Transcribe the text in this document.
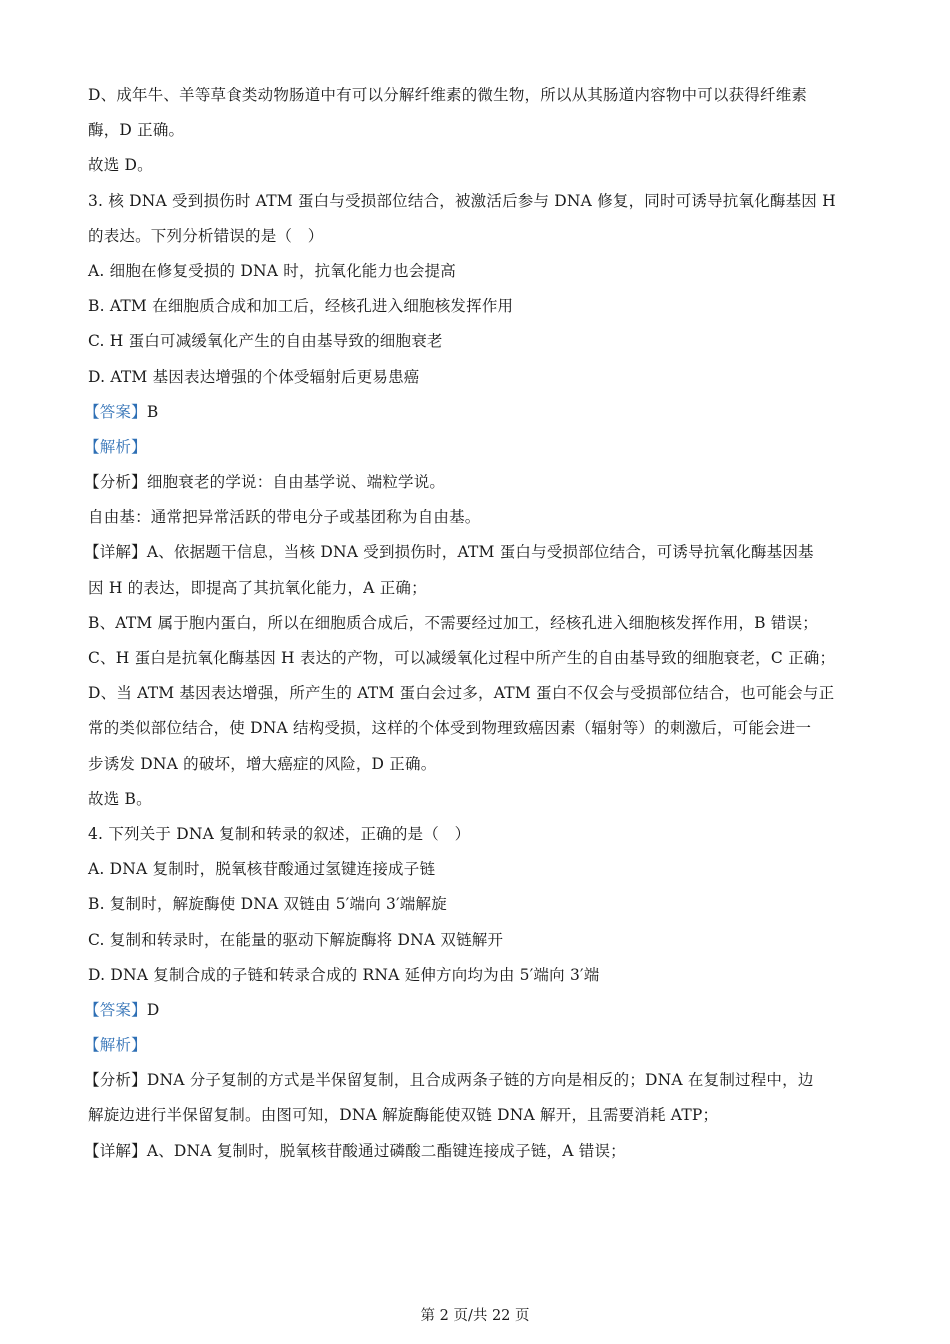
D、成年牛、羊等草食类动物肠道中有可以分解纤维素的微生物，所以从其肠道内容物中可以获得纤维素
酶，D 正确。
故选 D。
3. 核 DNA 受到损伤时 ATM 蛋白与受损部位结合，被激活后参与 DNA 修复，同时可诱导抗氧化酶基因 H
的表达。下列分析错误的是（　）
A. 细胞在修复受损的 DNA 时，抗氧化能力也会提高
B. ATM 在细胞质合成和加工后，经核孔进入细胞核发挥作用
C. H 蛋白可减缓氧化产生的自由基导致的细胞衰老
D. ATM 基因表达增强的个体受辐射后更易患癌
【答案】B
【解析】
【分析】细胞衰老的学说：自由基学说、端粒学说。
自由基：通常把异常活跃的带电分子或基团称为自由基。
【详解】A、依据题干信息，当核 DNA 受到损伤时，ATM 蛋白与受损部位结合，可诱导抗氧化酶基因基
因 H 的表达，即提高了其抗氧化能力，A 正确；
B、ATM 属于胞内蛋白，所以在细胞质合成后，不需要经过加工，经核孔进入细胞核发挥作用，B 错误；
C、H 蛋白是抗氧化酶基因 H 表达的产物，可以减缓氧化过程中所产生的自由基导致的细胞衰老，C 正确；
D、当 ATM 基因表达增强，所产生的 ATM 蛋白会过多，ATM 蛋白不仅会与受损部位结合，也可能会与正
常的类似部位结合，使 DNA 结构受损，这样的个体受到物理致癌因素（辐射等）的刺激后，可能会进一
步诱发 DNA 的破坏，增大癌症的风险，D 正确。
故选 B。
4. 下列关于 DNA 复制和转录的叙述，正确的是（　）
A. DNA 复制时，脱氧核苷酸通过氢键连接成子链
B. 复制时，解旋酶使 DNA 双链由 5′端向 3′端解旋
C. 复制和转录时，在能量的驱动下解旋酶将 DNA 双链解开
D. DNA 复制合成的子链和转录合成的 RNA 延伸方向均为由 5′端向 3′端
【答案】D
【解析】
【分析】DNA 分子复制的方式是半保留复制，且合成两条子链的方向是相反的；DNA 在复制过程中，边
解旋边进行半保留复制。由图可知，DNA 解旋酶能使双链 DNA 解开，且需要消耗 ATP；
【详解】A、DNA 复制时，脱氧核苷酸通过磷酸二酯键连接成子链，A 错误；
第 2 页/共 22 页
